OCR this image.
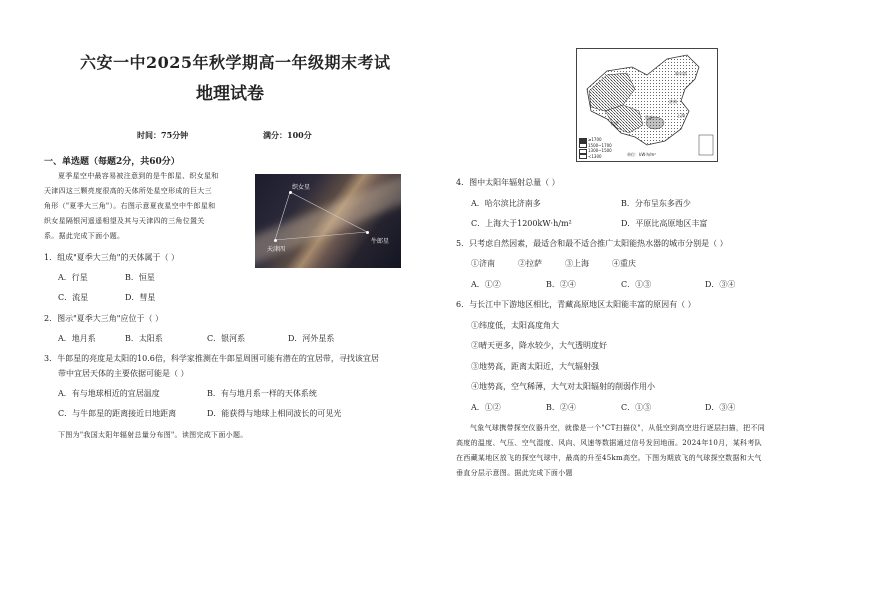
六安一中2025年秋学期高一年级期末考试
地理试卷
时间：75分钟	满分：100分
一、单选题（每题2分，共60分）
夏季星空中最容易被注意到的是牛郎星、织女星和
天津四这三颗亮度很高的天体所处星空形成的巨大三
角形（"夏季大三角"）。右图示意夏夜星空中牛郎星和
织女星隔银河遥遥相望及其与天津四的三角位置关
系。据此完成下面小题。
织女星
天津四
牛郎星
1．组成"夏季大三角"的天体属于（ ）
A．行星	B．恒星
C．流星	D．彗星
2．图示"夏季大三角"应位于（ ）
A．地月系	B．太阳系	C．银河系	D．河外星系
3．牛郎星的亮度是太阳的10.6倍，科学家推测在牛郎星周围可能有潜在的宜居带，寻找该宜居
带中宜居天体的主要依据可能是（ ）
A．有与地球相近的宜居温度	B．有与地月系一样的天体系统
C．与牛郎星的距离接近日地距离	D．能获得与地球上相同波长的可见光
下图为"我国太阳年辐射总量分布图"。读图完成下面小题。
≥1700
1500~1700
1300~1500
<1300	单位：kW·h/m²
哈尔滨
济南
拉萨
上海
重庆
4．图中太阳年辐射总量（ ）
A．哈尔滨比济南多	B．分布呈东多西少
C．上海大于1200kW·h/m²	D．平原比高原地区丰富
5．只考虑自然因素，最适合和最不适合推广太阳能热水器的城市分别是（ ）
①济南	②拉萨	③上海	④重庆
A．①②	B．②④	C．①③	D．③④
6．与长江中下游地区相比，青藏高原地区太阳能丰富的原因有（ ）
①纬度低，太阳高度角大
②晴天更多，降水较少，大气透明度好
③地势高，距离太阳近，大气辐射强
④地势高，空气稀薄，大气对太阳辐射的削弱作用小
A．①②	B．②④	C．①③	D．③④
气象气球携带探空仪器升空，就像是一个"CT扫描仪"，从低空到高空进行逐层扫描，把不同
高度的温度、气压、空气湿度、风向、风速等数据通过信号发回地面。2024年10月，某科考队
在西藏某地区放飞的探空气球中，最高的升至45km高空。下图为期放飞的气球探空数据和大气
垂直分层示意图。据此完成下面小题
